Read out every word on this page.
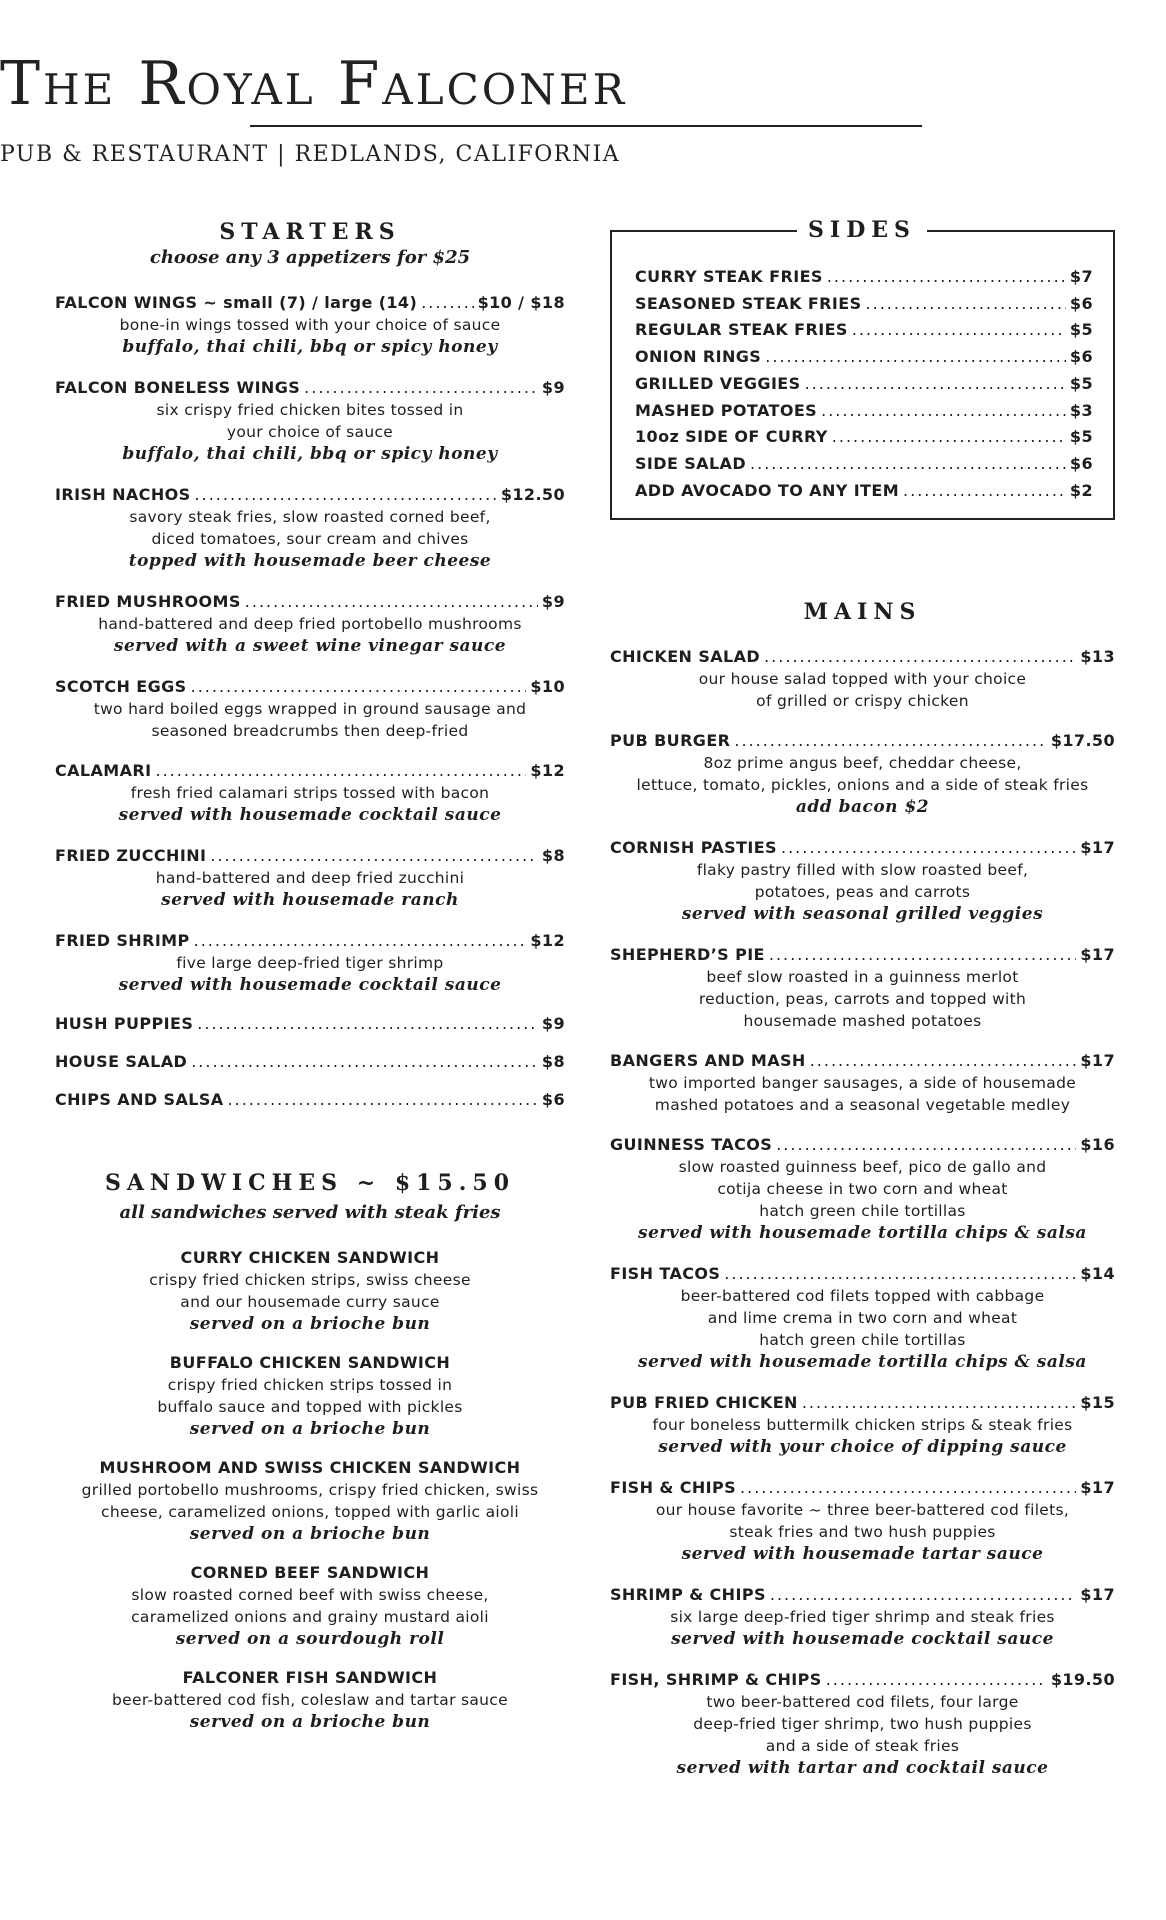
The Royal Falconer
PUB & RESTAURANT | REDLANDS, CALIFORNIA
STARTERS
choose any 3 appetizers for $25
FALCON WINGS ~ small (7) / large (14) .....	$10 / $18
bone-in wings tossed with your choice of sauce
buffalo, thai chili, bbq or spicy honey
FALCON BONELESS WINGS .....	$9
six crispy fried chicken bites tossed in
your choice of sauce
buffalo, thai chili, bbq or spicy honey
IRISH NACHOS .....	$12.50
savory steak fries, slow roasted corned beef,
diced tomatoes, sour cream and chives
topped with housemade beer cheese
FRIED MUSHROOMS .....	$9
hand-battered and deep fried portobello mushrooms
served with a sweet wine vinegar sauce
SCOTCH EGGS .....	$10
two hard boiled eggs wrapped in ground sausage and
seasoned breadcrumbs then deep-fried
CALAMARI .....	$12
fresh fried calamari strips tossed with bacon
served with housemade cocktail sauce
FRIED ZUCCHINI .....	$8
hand-battered and deep fried zucchini
served with housemade ranch
FRIED SHRIMP .....	$12
five large deep-fried tiger shrimp
served with housemade cocktail sauce
HUSH PUPPIES .....	$9
HOUSE SALAD .....	$8
CHIPS AND SALSA .....	$6
SANDWICHES ~ $15.50
all sandwiches served with steak fries
CURRY CHICKEN SANDWICH
crispy fried chicken strips, swiss cheese
and our housemade curry sauce
served on a brioche bun
BUFFALO CHICKEN SANDWICH
crispy fried chicken strips tossed in
buffalo sauce and topped with pickles
served on a brioche bun
MUSHROOM AND SWISS CHICKEN SANDWICH
grilled portobello mushrooms, crispy fried chicken, swiss
cheese, caramelized onions, topped with garlic aioli
served on a brioche bun
CORNED BEEF SANDWICH
slow roasted corned beef with swiss cheese,
caramelized onions and grainy mustard aioli
served on a sourdough roll
FALCONER FISH SANDWICH
beer-battered cod fish, coleslaw and tartar sauce
served on a brioche bun
SIDES
CURRY STEAK FRIES .....	$7
SEASONED STEAK FRIES .....	$6
REGULAR STEAK FRIES .....	$5
ONION RINGS .....	$6
GRILLED VEGGIES .....	$5
MASHED POTATOES .....	$3
10oz SIDE OF CURRY .....	$5
SIDE SALAD .....	$6
ADD AVOCADO TO ANY ITEM .....	$2
MAINS
CHICKEN SALAD .....	$13
our house salad topped with your choice
of grilled or crispy chicken
PUB BURGER .....	$17.50
8oz prime angus beef, cheddar cheese,
lettuce, tomato, pickles, onions and a side of steak fries
add bacon $2
CORNISH PASTIES .....	$17
flaky pastry filled with slow roasted beef,
potatoes, peas and carrots
served with seasonal grilled veggies
SHEPHERD’S PIE .....	$17
beef slow roasted in a guinness merlot
reduction, peas, carrots and topped with
housemade mashed potatoes
BANGERS AND MASH .....	$17
two imported banger sausages, a side of housemade
mashed potatoes and a seasonal vegetable medley
GUINNESS TACOS .....	$16
slow roasted guinness beef, pico de gallo and
cotija cheese in two corn and wheat
hatch green chile tortillas
served with housemade tortilla chips & salsa
FISH TACOS .....	$14
beer-battered cod filets topped with cabbage
and lime crema in two corn and wheat
hatch green chile tortillas
served with housemade tortilla chips & salsa
PUB FRIED CHICKEN .....	$15
four boneless buttermilk chicken strips & steak fries
served with your choice of dipping sauce
FISH & CHIPS .....	$17
our house favorite ~ three beer-battered cod filets,
steak fries and two hush puppies
served with housemade tartar sauce
SHRIMP & CHIPS .....	$17
six large deep-fried tiger shrimp and steak fries
served with housemade cocktail sauce
FISH, SHRIMP & CHIPS .....	$19.50
two beer-battered cod filets, four large
deep-fried tiger shrimp, two hush puppies
and a side of steak fries
served with tartar and cocktail sauce
